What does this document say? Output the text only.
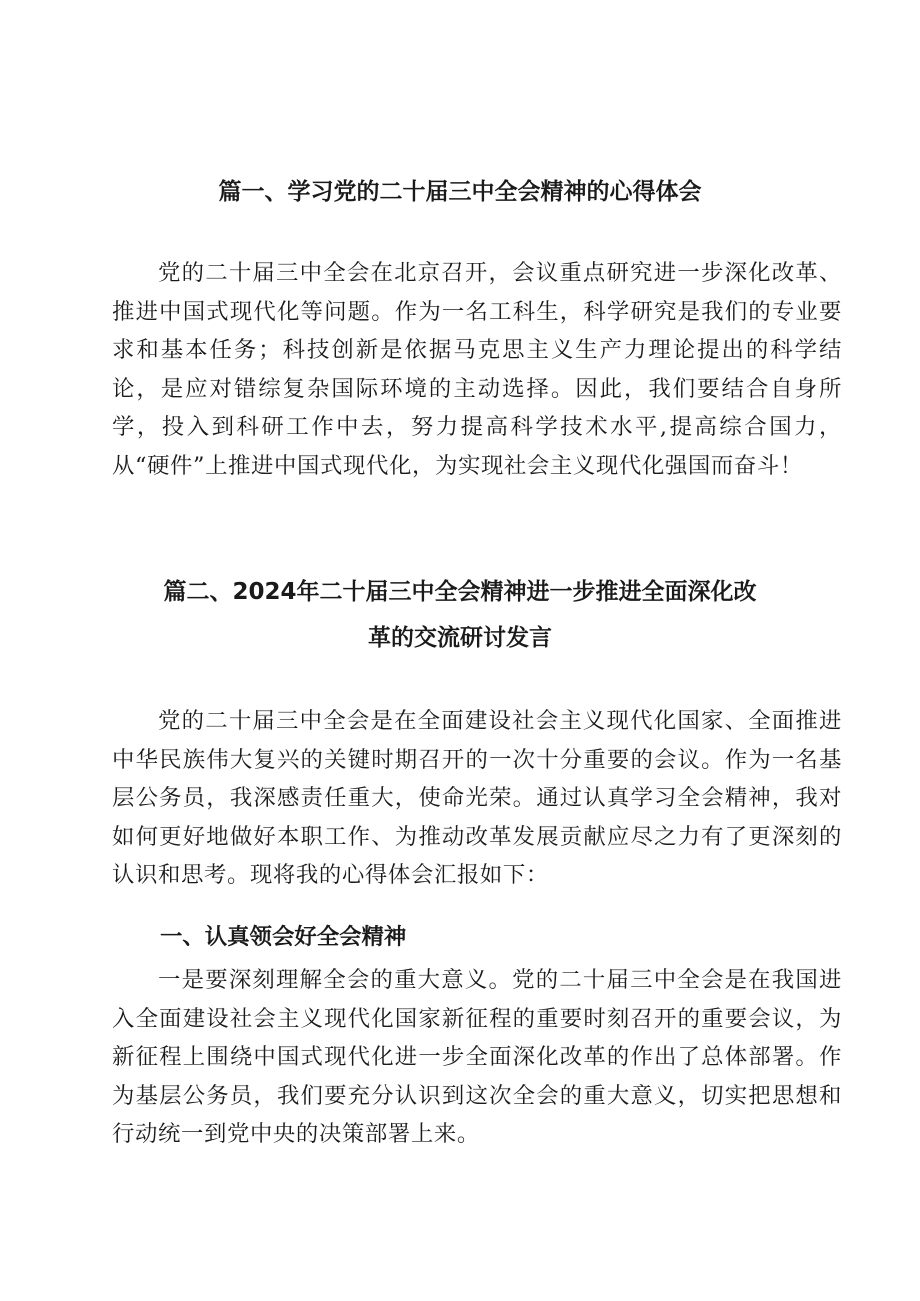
篇一、学习党的二十届三中全会精神的心得体会

党的二十届三中全会在北京召开，会议重点研究进一步深化改革、推进中国式现代化等问题。作为一名工科生，科学研究是我们的专业要求和基本任务；科技创新是依据马克思主义生产力理论提出的科学结论，是应对错综复杂国际环境的主动选择。因此，我们要结合自身所学，投入到科研工作中去，努力提高科学技术水平,提高综合国力，从“硬件”上推进中国式现代化，为实现社会主义现代化强国而奋斗！

篇二、2024年二十届三中全会精神进一步推进全面深化改
革的交流研讨发言

党的二十届三中全会是在全面建设社会主义现代化国家、全面推进中华民族伟大复兴的关键时期召开的一次十分重要的会议。作为一名基层公务员，我深感责任重大，使命光荣。通过认真学习全会精神，我对如何更好地做好本职工作、为推动改革发展贡献应尽之力有了更深刻的认识和思考。现将我的心得体会汇报如下：

一、认真领会好全会精神

一是要深刻理解全会的重大意义。党的二十届三中全会是在我国进入全面建设社会主义现代化国家新征程的重要时刻召开的重要会议，为新征程上围绕中国式现代化进一步全面深化改革的作出了总体部署。作为基层公务员，我们要充分认识到这次全会的重大意义，切实把思想和行动统一到党中央的决策部署上来。
